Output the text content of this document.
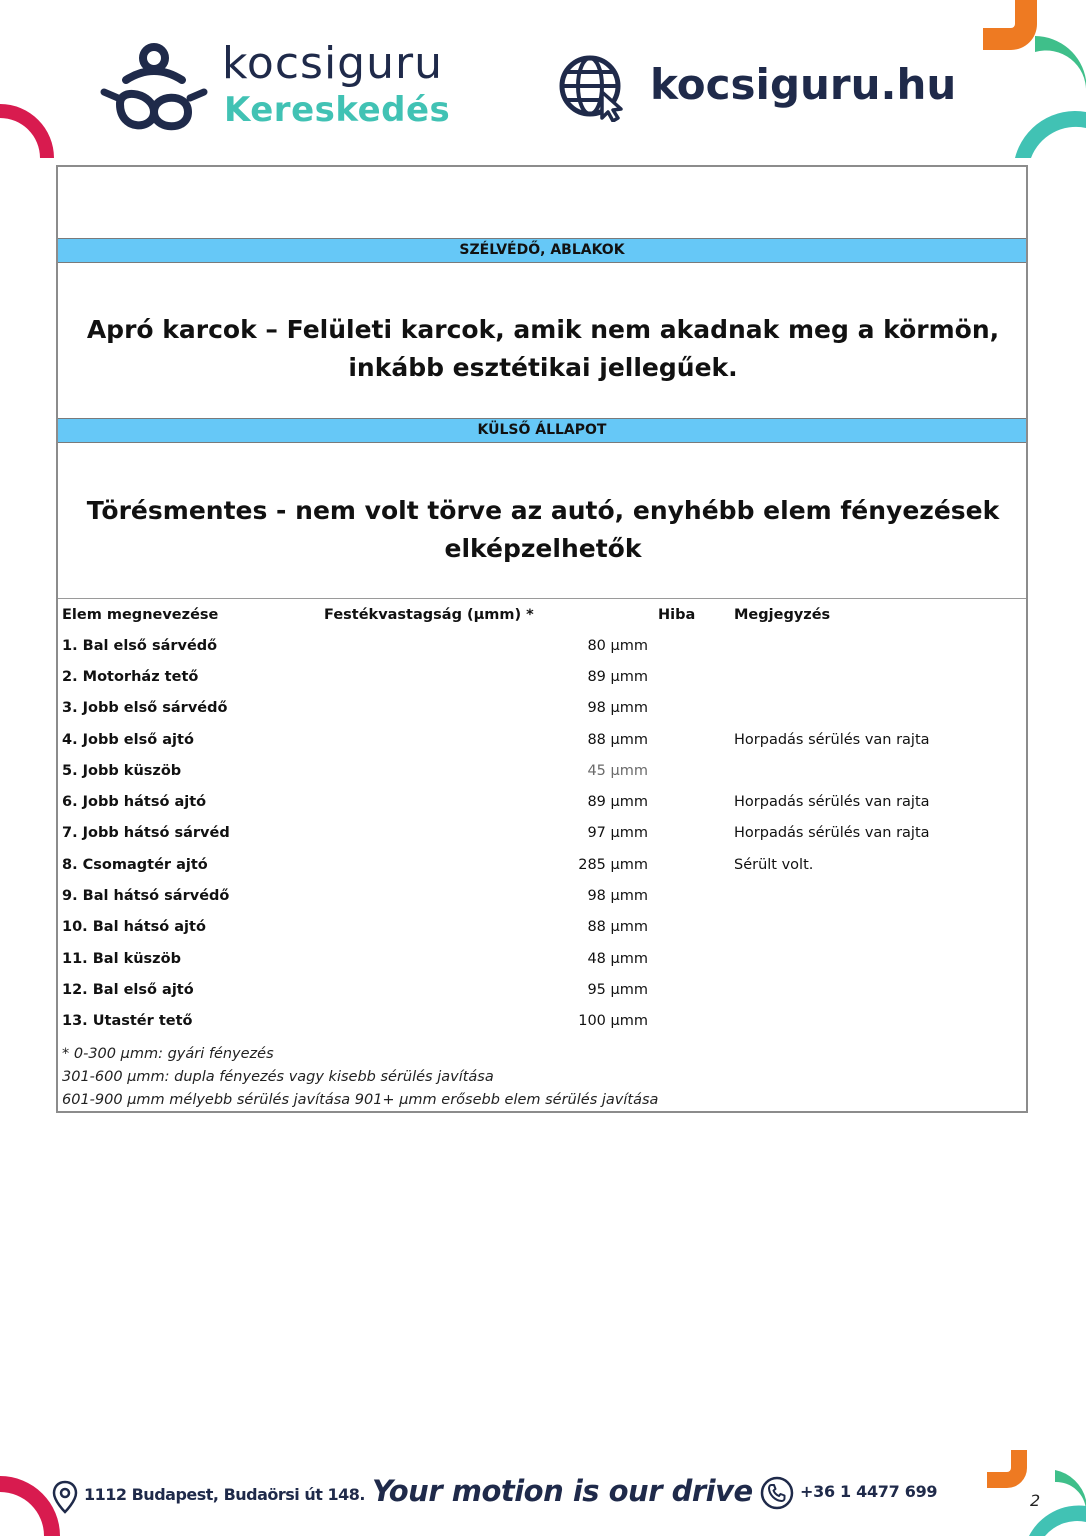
kocsiguru
Kereskedés
kocsiguru.hu
SZÉLVÉDŐ, ABLAKOK
Apró karcok – Felületi karcok, amik nem akadnak meg a körmön, inkább esztétikai jellegűek.
KÜLSŐ ÁLLAPOT
Törésmentes - nem volt törve az autó, enyhébb elem fényezések elképzelhetők
Elem megnevezése	Festékvastagság (µmm) *	Hiba	Megjegyzés
1. Bal első sárvédő	80 µmm		
2. Motorház tető	89 µmm		
3. Jobb első sárvédő	98 µmm		
4. Jobb első ajtó	88 µmm		Horpadás sérülés van rajta
5. Jobb küszöb	45 µmm		
6. Jobb hátsó ajtó	89 µmm		Horpadás sérülés van rajta
7. Jobb hátsó sárvéd	97 µmm		Horpadás sérülés van rajta
8. Csomagtér ajtó	285 µmm		Sérült volt.
9. Bal hátsó sárvédő	98 µmm		
10. Bal hátsó ajtó	88 µmm		
11. Bal küszöb	48 µmm		
12. Bal első ajtó	95 µmm		
13. Utastér tető	100 µmm		
* 0-300 µmm: gyári fényezés
301-600 µmm: dupla fényezés vagy kisebb sérülés javítása
601-900 µmm mélyebb sérülés javítása 901+ µmm erősebb elem sérülés javítása
1112 Budapest, Budaörsi út 148. Your motion is our drive	+36 1 4477 699	2
